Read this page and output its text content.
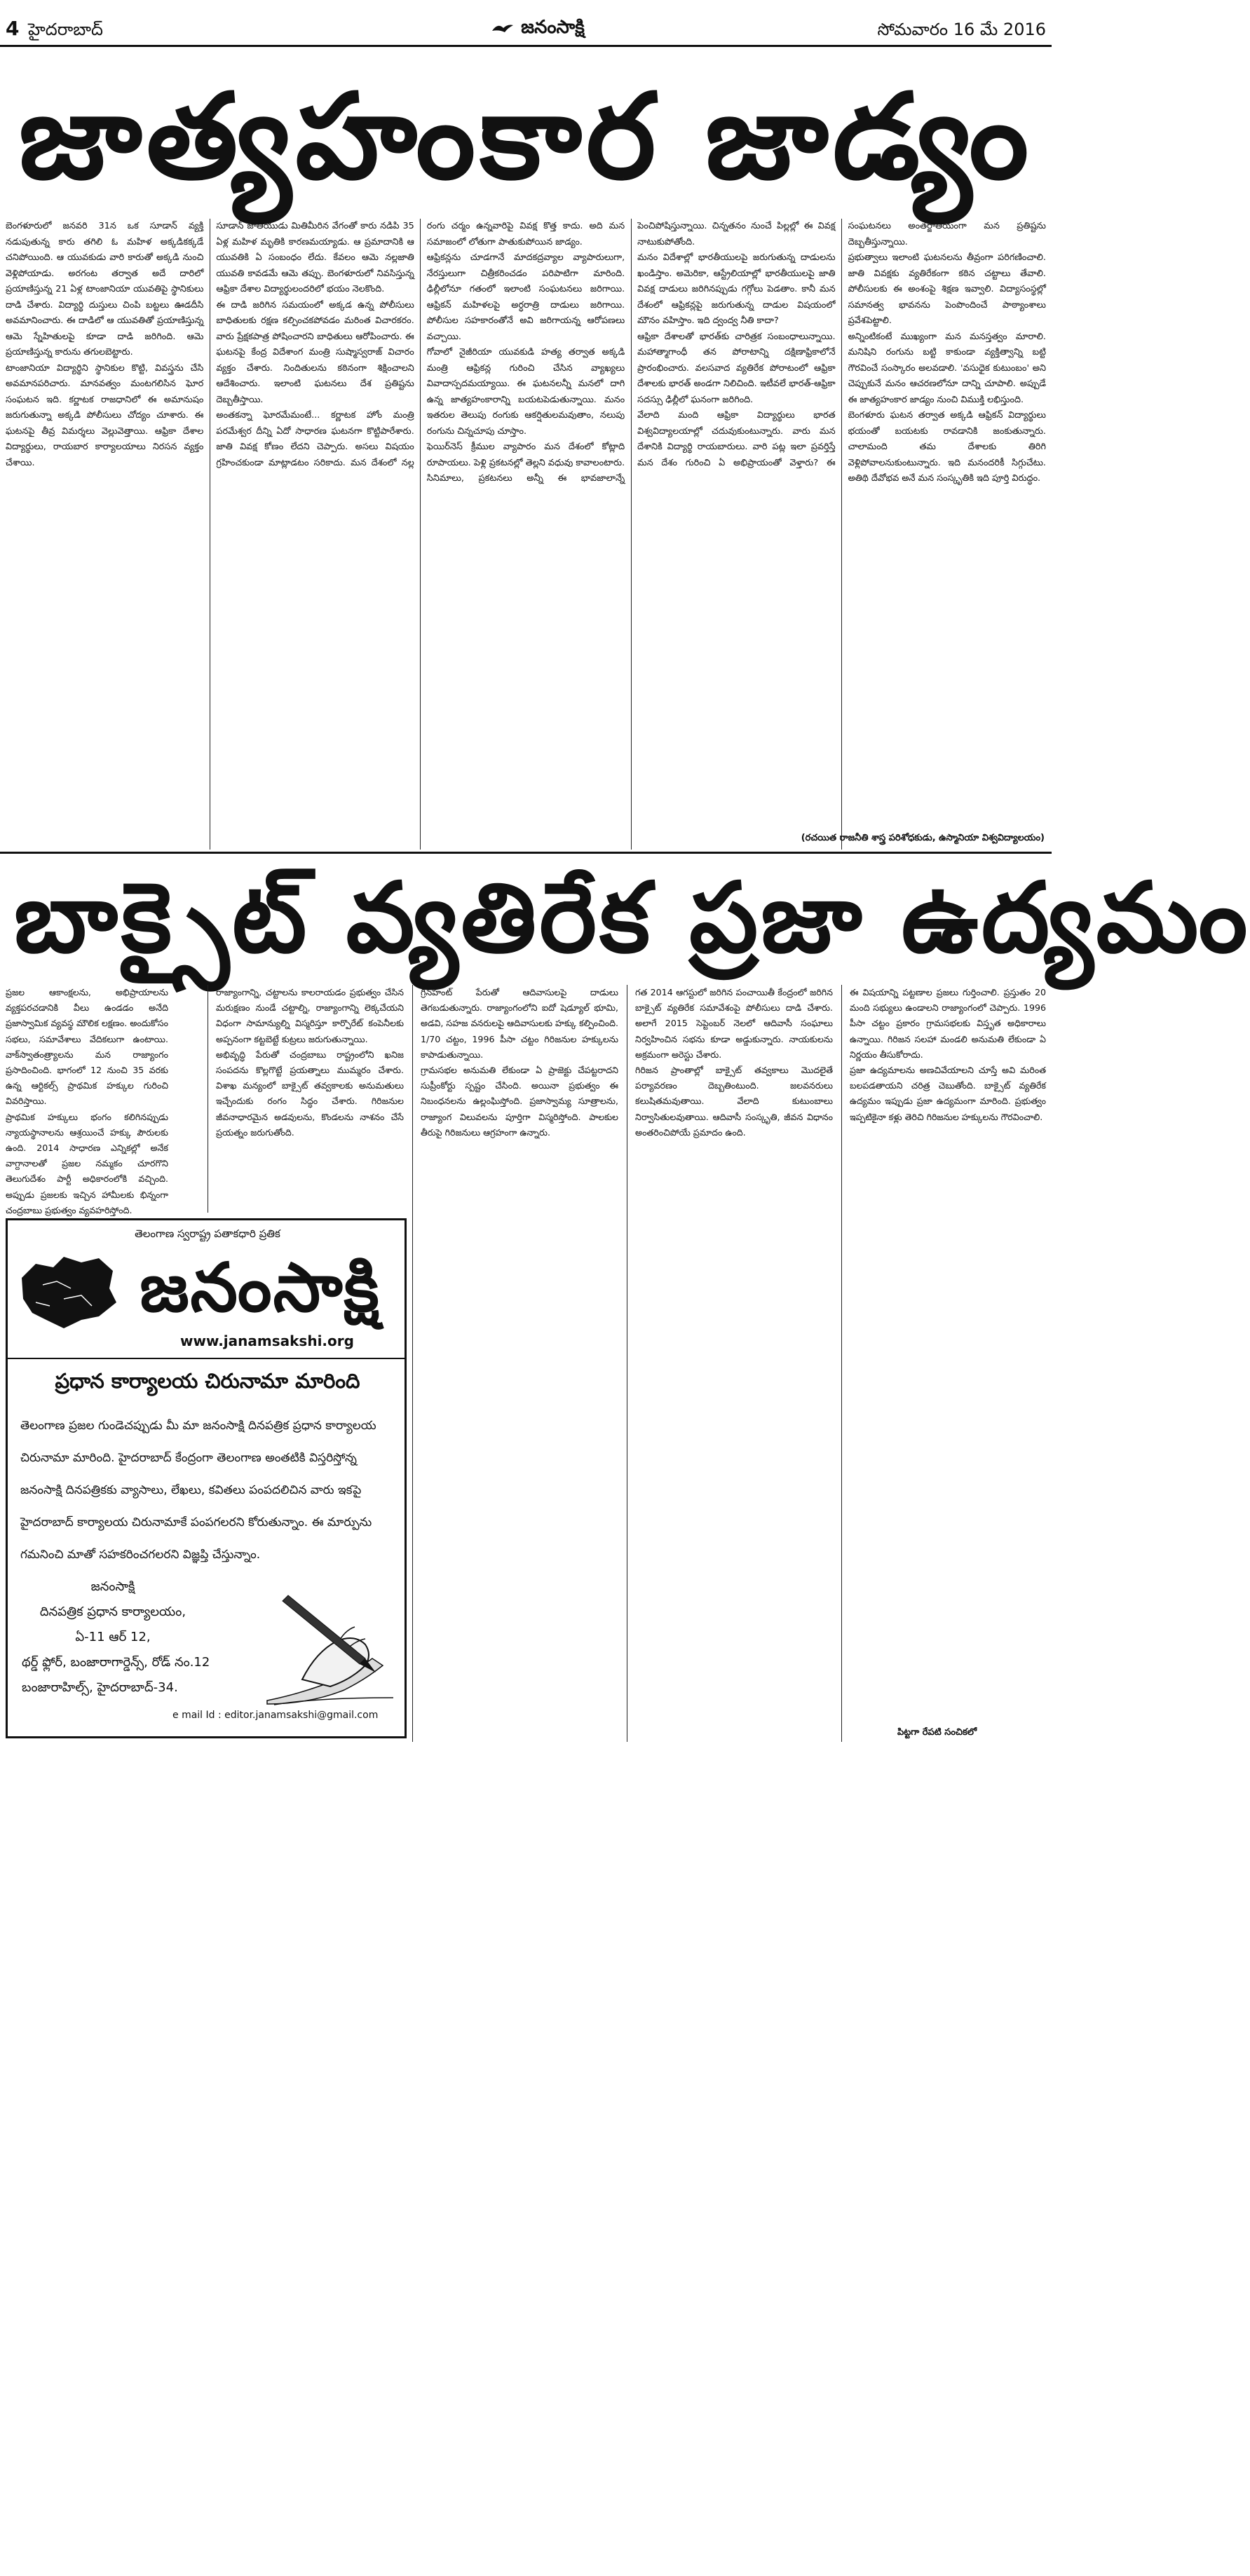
4 హైదరాబాద్	జనంసాక్షి	సోమవారం 16 మే 2016
జాత్యహంకార జాడ్యం

బెంగళూరులో జనవరి 31న ఒక సూడాన్ వ్యక్తి నడుపుతున్న కారు తగిలి ఓ మహిళ అక్కడికక్కడే చనిపోయింది. ఆ యువకుడు వారి కారుతో అక్కడి నుంచి వెళ్లిపోయాడు. అరగంట తర్వాత అదే దారిలో ప్రయాణిస్తున్న 21 ఏళ్ల టాంజానియా యువతిపై స్థానికులు దాడి చేశారు. విద్యార్థి దుస్తులు చింపి బట్టలు ఊడదీసి అవమానించారు. ఈ దాడిలో ఆ యువతితో ప్రయాణిస్తున్న ఆమె స్నేహితులపై కూడా దాడి జరిగింది. ఆమె ప్రయాణిస్తున్న కారును తగులబెట్టారు.

టాంజానియా విద్యార్థిని స్థానికుల కొట్టి, వివస్త్రను చేసి అవమానపరిచారు. మానవత్వం మంటగలిసిన ఘోర సంఘటన ఇది. కర్ణాటక రాజధానిలో ఈ అమానుషం జరుగుతున్నా అక్కడి పోలీసులు చోద్యం చూశారు. ఈ ఘటనపై తీవ్ర విమర్శలు వెల్లువెత్తాయి. ఆఫ్రికా దేశాల విద్యార్థులు, రాయబార కార్యాలయాలు నిరసన వ్యక్తం చేశాయి.

సూడాన్ జాతీయుడు మితిమీరిన వేగంతో కారు నడిపి 35 ఏళ్ల మహిళ మృతికి కారణమయ్యాడు. ఆ ప్రమాదానికి ఆ యువతికి ఏ సంబంధం లేదు. కేవలం ఆమె నల్లజాతి యువతి కావడమే ఆమె తప్పు. బెంగళూరులో నివసిస్తున్న ఆఫ్రికా దేశాల విద్యార్థులందరిలో భయం నెలకొంది.

ఈ దాడి జరిగిన సమయంలో అక్కడ ఉన్న పోలీసులు బాధితులకు రక్షణ కల్పించకపోవడం మరింత విచారకరం. వారు ప్రేక్షకపాత్ర పోషించారని బాధితులు ఆరోపించారు. ఈ ఘటనపై కేంద్ర విదేశాంగ మంత్రి సుష్మాస్వరాజ్ విచారం వ్యక్తం చేశారు. నిందితులను కఠినంగా శిక్షించాలని ఆదేశించారు. ఇలాంటి ఘటనలు దేశ ప్రతిష్టను దెబ్బతీస్తాయి.

అంతకన్నా ఘోరమేమంటే... కర్ణాటక హోం మంత్రి పరమేశ్వర దీన్ని ఏదో సాధారణ ఘటనగా కొట్టిపారేశారు. జాతి వివక్ష కోణం లేదని చెప్పారు. అసలు విషయం గ్రహించకుండా మాట్లాడటం సరికాదు. మన దేశంలో నల్ల రంగు చర్మం ఉన్నవారిపై వివక్ష కొత్త కాదు. అది మన సమాజంలో లోతుగా పాతుకుపోయిన జాడ్యం.

ఆఫ్రికన్లను చూడగానే మాదకద్రవ్యాల వ్యాపారులుగా, నేరస్తులుగా చిత్రీకరించడం పరిపాటిగా మారింది. ఢిల్లీలోనూ గతంలో ఇలాంటి సంఘటనలు జరిగాయి. ఆఫ్రికన్ మహిళలపై అర్ధరాత్రి దాడులు జరిగాయి. పోలీసుల సహకారంతోనే అవి జరిగాయన్న ఆరోపణలు వచ్చాయి.

గోవాలో నైజీరియా యువకుడి హత్య తర్వాత అక్కడి మంత్రి ఆఫ్రికన్ల గురించి చేసిన వ్యాఖ్యలు వివాదాస్పదమయ్యాయి. ఈ ఘటనలన్నీ మనలో దాగి ఉన్న జాత్యహంకారాన్ని బయటపెడుతున్నాయి. మనం ఇతరుల తెలుపు రంగుకు ఆకర్షితులమవుతాం, నలుపు రంగును చిన్నచూపు చూస్తాం.

ఫెయిర్‌నెస్ క్రీముల వ్యాపారం మన దేశంలో కోట్లాది రూపాయలు. పెళ్లి ప్రకటనల్లో తెల్లని వధువు కావాలంటారు. సినిమాలు, ప్రకటనలు అన్నీ ఈ భావజాలాన్నే పెంచిపోషిస్తున్నాయి. చిన్నతనం నుంచే పిల్లల్లో ఈ వివక్ష నాటుకుపోతోంది.

మనం విదేశాల్లో భారతీయులపై జరుగుతున్న దాడులను ఖండిస్తాం. అమెరికా, ఆస్ట్రేలియాల్లో భారతీయులపై జాతి వివక్ష దాడులు జరిగినప్పుడు గగ్గోలు పెడతాం. కానీ మన దేశంలో ఆఫ్రికన్లపై జరుగుతున్న దాడుల విషయంలో మౌనం వహిస్తాం. ఇది ద్వంద్వ నీతి కాదా?

ఆఫ్రికా దేశాలతో భారత్‌కు చారిత్రక సంబంధాలున్నాయి. మహాత్మాగాంధీ తన పోరాటాన్ని దక్షిణాఫ్రికాలోనే ప్రారంభించారు. వలసవాద వ్యతిరేక పోరాటంలో ఆఫ్రికా దేశాలకు భారత్ అండగా నిలిచింది. ఇటీవలే భారత్-ఆఫ్రికా సదస్సు ఢిల్లీలో ఘనంగా జరిగింది.

వేలాది మంది ఆఫ్రికా విద్యార్థులు భారత విశ్వవిద్యాలయాల్లో చదువుకుంటున్నారు. వారు మన దేశానికి విద్యార్థి రాయబారులు. వారి పట్ల ఇలా ప్రవర్తిస్తే మన దేశం గురించి ఏ అభిప్రాయంతో వెళ్తారు? ఈ సంఘటనలు అంతర్జాతీయంగా మన ప్రతిష్టను దెబ్బతీస్తున్నాయి.

ప్రభుత్వాలు ఇలాంటి ఘటనలను తీవ్రంగా పరిగణించాలి. జాతి వివక్షకు వ్యతిరేకంగా కఠిన చట్టాలు తేవాలి. పోలీసులకు ఈ అంశంపై శిక్షణ ఇవ్వాలి. విద్యాసంస్థల్లో సమానత్వ భావనను పెంపొందించే పాఠ్యాంశాలు ప్రవేశపెట్టాలి.

అన్నింటికంటే ముఖ్యంగా మన మనస్తత్వం మారాలి. మనిషిని రంగును బట్టి కాకుండా వ్యక్తిత్వాన్ని బట్టి గౌరవించే సంస్కారం అలవడాలి. 'వసుధైక కుటుంబం' అని చెప్పుకునే మనం ఆచరణలోనూ దాన్ని చూపాలి. అప్పుడే ఈ జాత్యహంకార జాడ్యం నుంచి విముక్తి లభిస్తుంది.

బెంగళూరు ఘటన తర్వాత అక్కడి ఆఫ్రికన్ విద్యార్థులు భయంతో బయటకు రావడానికి జంకుతున్నారు. చాలామంది తమ దేశాలకు తిరిగి వెళ్లిపోవాలనుకుంటున్నారు. ఇది మనందరికీ సిగ్గుచేటు. అతిథి దేవోభవ అనే మన సంస్కృతికి ఇది పూర్తి విరుద్ధం.

(రచయిత రాజనీతి శాస్త్ర పరిశోధకుడు, ఉస్మానియా విశ్వవిద్యాలయం)
బాక్సైట్ వ్యతిరేక ప్రజా ఉద్యమం

ప్రజల ఆకాంక్షలను, అభిప్రాయాలను వ్యక్తపరచడానికి వీలు ఉండడం అనేది ప్రజాస్వామిక వ్యవస్థ మౌలిక లక్షణం. అందుకోసం సభలు, సమావేశాలు వేదికలుగా ఉంటాయి. వాక్‌స్వాతంత్ర్యాలను మన రాజ్యాంగం ప్రసాదించింది. భాగంలో 12 నుంచి 35 వరకు ఉన్న ఆర్టికల్స్ ప్రాథమిక హక్కుల గురించి వివరిస్తాయి.

ప్రాథమిక హక్కులు భంగం కలిగినప్పుడు న్యాయస్థానాలను ఆశ్రయించే హక్కు పౌరులకు ఉంది. 2014 సాధారణ ఎన్నికల్లో అనేక వాగ్దానాలతో ప్రజల నమ్మకం చూరగొని తెలుగుదేశం పార్టీ అధికారంలోకి వచ్చింది. అప్పుడు ప్రజలకు ఇచ్చిన హామీలకు భిన్నంగా చంద్రబాబు ప్రభుత్వం వ్యవహరిస్తోంది.

రాజ్యాంగాన్ని, చట్టాలను కాలరాయడం ప్రభుత్వం చేసిన మరుక్షణం నుండే చట్టాల్ని, రాజ్యాంగాన్ని లెక్కచేయని విధంగా సామాన్యుల్ని విస్మరిస్తూ కార్పొరేట్ కంపెనీలకు అప్పనంగా కట్టబెట్టే కుట్రలు జరుగుతున్నాయి.

అభివృద్ధి పేరుతో చంద్రబాబు రాష్ట్రంలోని ఖనిజ సంపదను కొల్లగొట్టే ప్రయత్నాలు ముమ్మరం చేశారు. విశాఖ మన్యంలో బాక్సైట్ తవ్వకాలకు అనుమతులు ఇచ్చేందుకు రంగం సిద్ధం చేశారు. గిరిజనుల జీవనాధారమైన అడవులను, కొండలను నాశనం చేసే ప్రయత్నం జరుగుతోంది.

గ్రీన్‌హంట్ పేరుతో ఆదివాసులపై దాడులు తెగబడుతున్నారు. రాజ్యాంగంలోని ఐదో షెడ్యూల్ భూమి, అడవి, సహజ వనరులపై ఆదివాసులకు హక్కు కల్పించింది. 1/70 చట్టం, 1996 పీసా చట్టం గిరిజనుల హక్కులను కాపాడుతున్నాయి.

గ్రామసభల అనుమతి లేకుండా ఏ ప్రాజెక్టు చేపట్టరాదని సుప్రీంకోర్టు స్పష్టం చేసింది. అయినా ప్రభుత్వం ఈ నిబంధనలను ఉల్లంఘిస్తోంది. ప్రజాస్వామ్య సూత్రాలను, రాజ్యాంగ విలువలను పూర్తిగా విస్మరిస్తోంది. పాలకుల తీరుపై గిరిజనులు ఆగ్రహంగా ఉన్నారు.

గత 2014 ఆగస్టులో జరిగిన పంచాయితీ కేంద్రంలో జరిగిన బాక్సైట్ వ్యతిరేక సమావేశంపై పోలీసులు దాడి చేశారు. అలాగే 2015 సెప్టెంబర్ నెలలో ఆదివాసీ సంఘాలు నిర్వహించిన సభను కూడా అడ్డుకున్నారు. నాయకులను అక్రమంగా అరెస్టు చేశారు.

గిరిజన ప్రాంతాల్లో బాక్సైట్ తవ్వకాలు మొదలైతే పర్యావరణం దెబ్బతింటుంది. జలవనరులు కలుషితమవుతాయి. వేలాది కుటుంబాలు నిర్వాసితులవుతాయి. ఆదివాసీ సంస్కృతి, జీవన విధానం అంతరించిపోయే ప్రమాదం ఉంది.

ఈ విషయాన్ని పట్టణాల ప్రజలు గుర్తించాలి. ప్రస్తుతం 20 మంది సభ్యులు ఉండాలని రాజ్యాంగంలో చెప్పారు. 1996 పీసా చట్టం ప్రకారం గ్రామసభలకు విస్తృత అధికారాలు ఉన్నాయి. గిరిజన సలహా మండలి అనుమతి లేకుండా ఏ నిర్ణయం తీసుకోరాదు.

ప్రజా ఉద్యమాలను అణచివేయాలని చూస్తే అవి మరింత బలపడతాయని చరిత్ర చెబుతోంది. బాక్సైట్ వ్యతిరేక ఉద్యమం ఇప్పుడు ప్రజా ఉద్యమంగా మారింది. ప్రభుత్వం ఇప్పటికైనా కళ్లు తెరిచి గిరిజనుల హక్కులను గౌరవించాలి.

తెలంగాణ స్వరాష్ట్ర పతాకధారి ప్రతిక
జనంసాక్షి
www.janamsakshi.org
ప్రధాన కార్యాలయ చిరునామా మారింది
తెలంగాణ ప్రజల గుండెచప్పుడు మీ మా జనంసాక్షి దినపత్రిక ప్రధాన కార్యాలయ
చిరునామా మారింది. హైదరాబాద్ కేంద్రంగా తెలంగాణ అంతటికి విస్తరిస్తోన్న
జనంసాక్షి దినపత్రికకు వ్యాసాలు, లేఖలు, కవితలు పంపదలిచిన వారు ఇకపై
హైదరాబాద్ కార్యాలయ చిరునామాకే పంపగలరని కోరుతున్నాం. ఈ మార్పును
గమనించి మాతో సహకరించగలరని విజ్ఞప్తి చేస్తున్నాం.
జనంసాక్షి
దినపత్రిక ప్రధాన కార్యాలయం,
ఏ-11 ఆర్ 12,
థర్డ్ ఫ్లోర్, బంజారాగార్డెన్స్, రోడ్ నం.12
బంజారాహిల్స్, హైదరాబాద్-34.
e mail Id : editor.janamsakshi@gmail.com
పిట్టగా రేపటి సంచికలో
